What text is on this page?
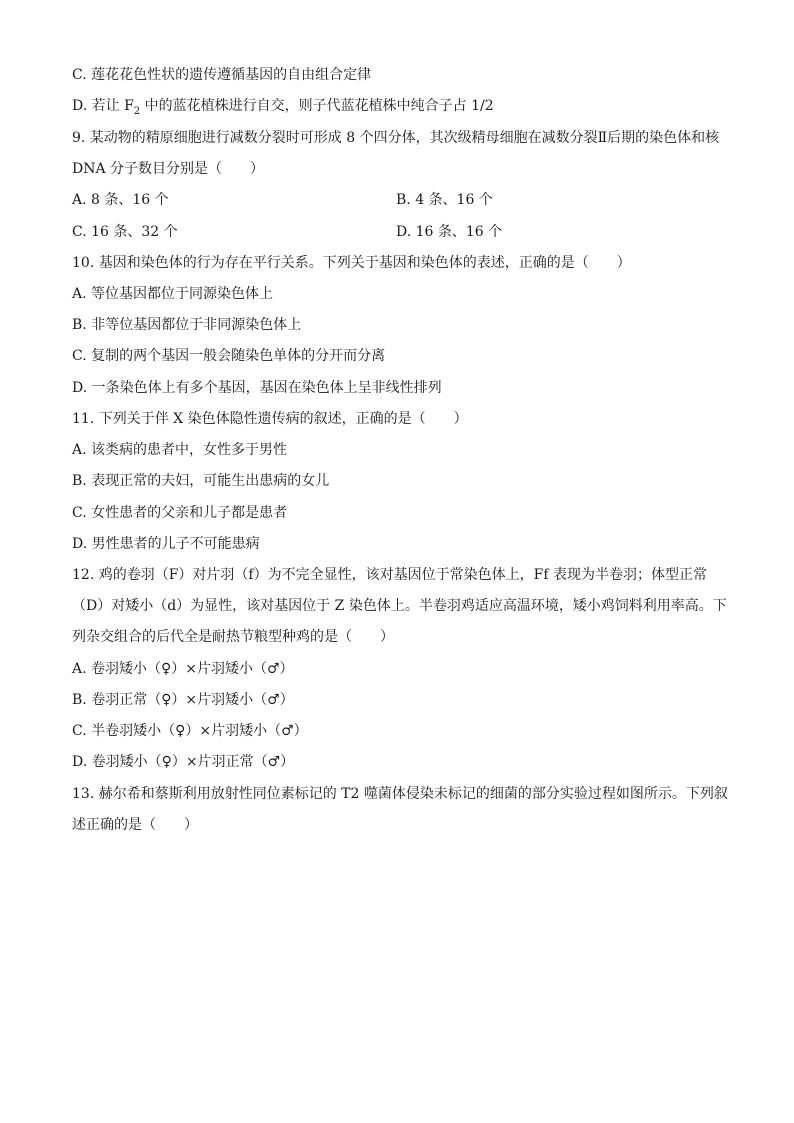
C. 莲花花色性状的遗传遵循基因的自由组合定律
D. 若让 $F_2$ 中的蓝花植株进行自交，则子代蓝花植株中纯合子占 1/2
9. 某动物的精原细胞进行减数分裂时可形成 8 个四分体，其次级精母细胞在减数分裂Ⅱ后期的染色体和核
DNA 分子数目分别是（　　）
A. 8 条、16 个	B. 4 条、16 个
C. 16 条、32 个	D. 16 条、16 个
10. 基因和染色体的行为存在平行关系。下列关于基因和染色体的表述，正确的是（　　）
A. 等位基因都位于同源染色体上
B. 非等位基因都位于非同源染色体上
C. 复制的两个基因一般会随染色单体的分开而分离
D. 一条染色体上有多个基因，基因在染色体上呈非线性排列
11. 下列关于伴 X 染色体隐性遗传病的叙述，正确的是（　　）
A. 该类病的患者中，女性多于男性
B. 表现正常的夫妇，可能生出患病的女儿
C. 女性患者的父亲和儿子都是患者
D. 男性患者的儿子不可能患病
12. 鸡的卷羽（F）对片羽（f）为不完全显性，该对基因位于常染色体上，Ff 表现为半卷羽；体型正常
（D）对矮小（d）为显性，该对基因位于 Z 染色体上。半卷羽鸡适应高温环境，矮小鸡饲料利用率高。下
列杂交组合的后代全是耐热节粮型种鸡的是（　　）
A. 卷羽矮小（♀）×片羽矮小（♂）
B. 卷羽正常（♀）×片羽矮小（♂）
C. 半卷羽矮小（♀）×片羽矮小（♂）
D. 卷羽矮小（♀）×片羽正常（♂）
13. 赫尔希和蔡斯利用放射性同位素标记的 T2 噬菌体侵染未标记的细菌的部分实验过程如图所示。下列叙
述正确的是（　　）
